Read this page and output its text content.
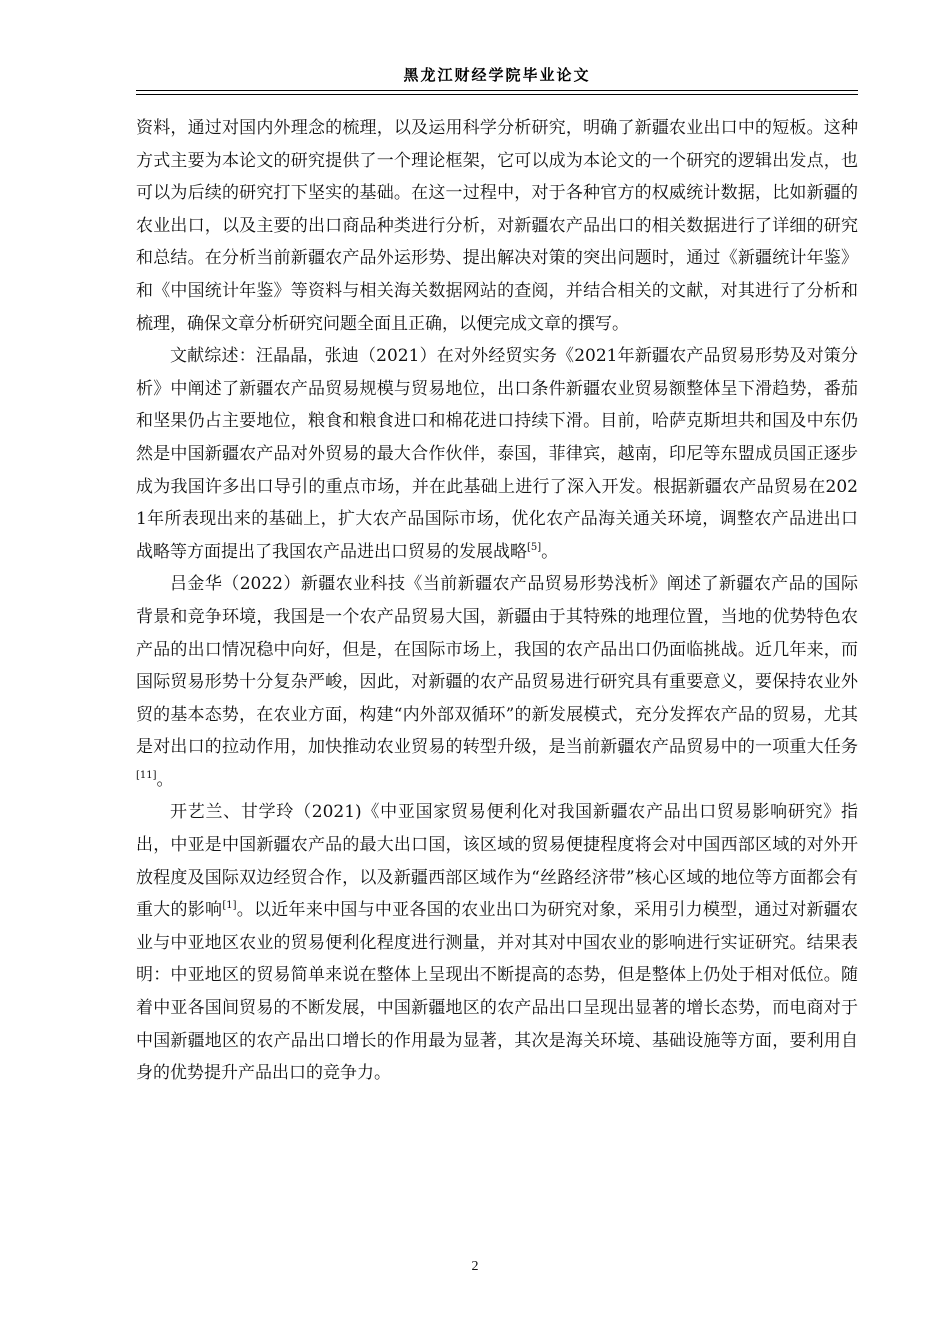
黑龙江财经学院毕业论文

资料，通过对国内外理念的梳理，以及运用科学分析研究，明确了新疆农业出口中的短板。这种方式主要为本论文的研究提供了一个理论框架，它可以成为本论文的一个研究的逻辑出发点，也可以为后续的研究打下坚实的基础。在这一过程中，对于各种官方的权威统计数据，比如新疆的农业出口，以及主要的出口商品种类进行分析，对新疆农产品出口的相关数据进行了详细的研究和总结。在分析当前新疆农产品外运形势、提出解决对策的突出问题时，通过《新疆统计年鉴》和《中国统计年鉴》等资料与相关海关数据网站的查阅，并结合相关的文献，对其进行了分析和梳理，确保文章分析研究问题全面且正确，以便完成文章的撰写。

文献综述：汪晶晶，张迪（2021）在对外经贸实务《2021年新疆农产品贸易形势及对策分析》中阐述了新疆农产品贸易规模与贸易地位，出口条件新疆农业贸易额整体呈下滑趋势，番茄和坚果仍占主要地位，粮食和粮食进口和棉花进口持续下滑。目前，哈萨克斯坦共和国及中东仍然是中国新疆农产品对外贸易的最大合作伙伴，泰国，菲律宾，越南，印尼等东盟成员国正逐步成为我国许多出口导引的重点市场，并在此基础上进行了深入开发。根据新疆农产品贸易在2021年所表现出来的基础上，扩大农产品国际市场，优化农产品海关通关环境，调整农产品进出口战略等方面提出了我国农产品进出口贸易的发展战略[5]。

吕金华（2022）新疆农业科技《当前新疆农产品贸易形势浅析》阐述了新疆农产品的国际背景和竞争环境，我国是一个农产品贸易大国，新疆由于其特殊的地理位置，当地的优势特色农产品的出口情况稳中向好，但是，在国际市场上，我国的农产品出口仍面临挑战。近几年来，而国际贸易形势十分复杂严峻，因此，对新疆的农产品贸易进行研究具有重要意义，要保持农业外贸的基本态势，在农业方面，构建“内外部双循环”的新发展模式，充分发挥农产品的贸易，尤其是对出口的拉动作用，加快推动农业贸易的转型升级，是当前新疆农产品贸易中的一项重大任务[11]。

开艺兰、甘学玲（2021)《中亚国家贸易便利化对我国新疆农产品出口贸易影响研究》指出，中亚是中国新疆农产品的最大出口国，该区域的贸易便捷程度将会对中国西部区域的对外开放程度及国际双边经贸合作，以及新疆西部区域作为“丝路经济带”核心区域的地位等方面都会有重大的影响[1]。以近年来中国与中亚各国的农业出口为研究对象，采用引力模型，通过对新疆农业与中亚地区农业的贸易便利化程度进行测量，并对其对中国农业的影响进行实证研究。结果表明：中亚地区的贸易简单来说在整体上呈现出不断提高的态势，但是整体上仍处于相对低位。随着中亚各国间贸易的不断发展，中国新疆地区的农产品出口呈现出显著的增长态势，而电商对于中国新疆地区的农产品出口增长的作用最为显著，其次是海关环境、基础设施等方面，要利用自身的优势提升产品出口的竞争力。

2
